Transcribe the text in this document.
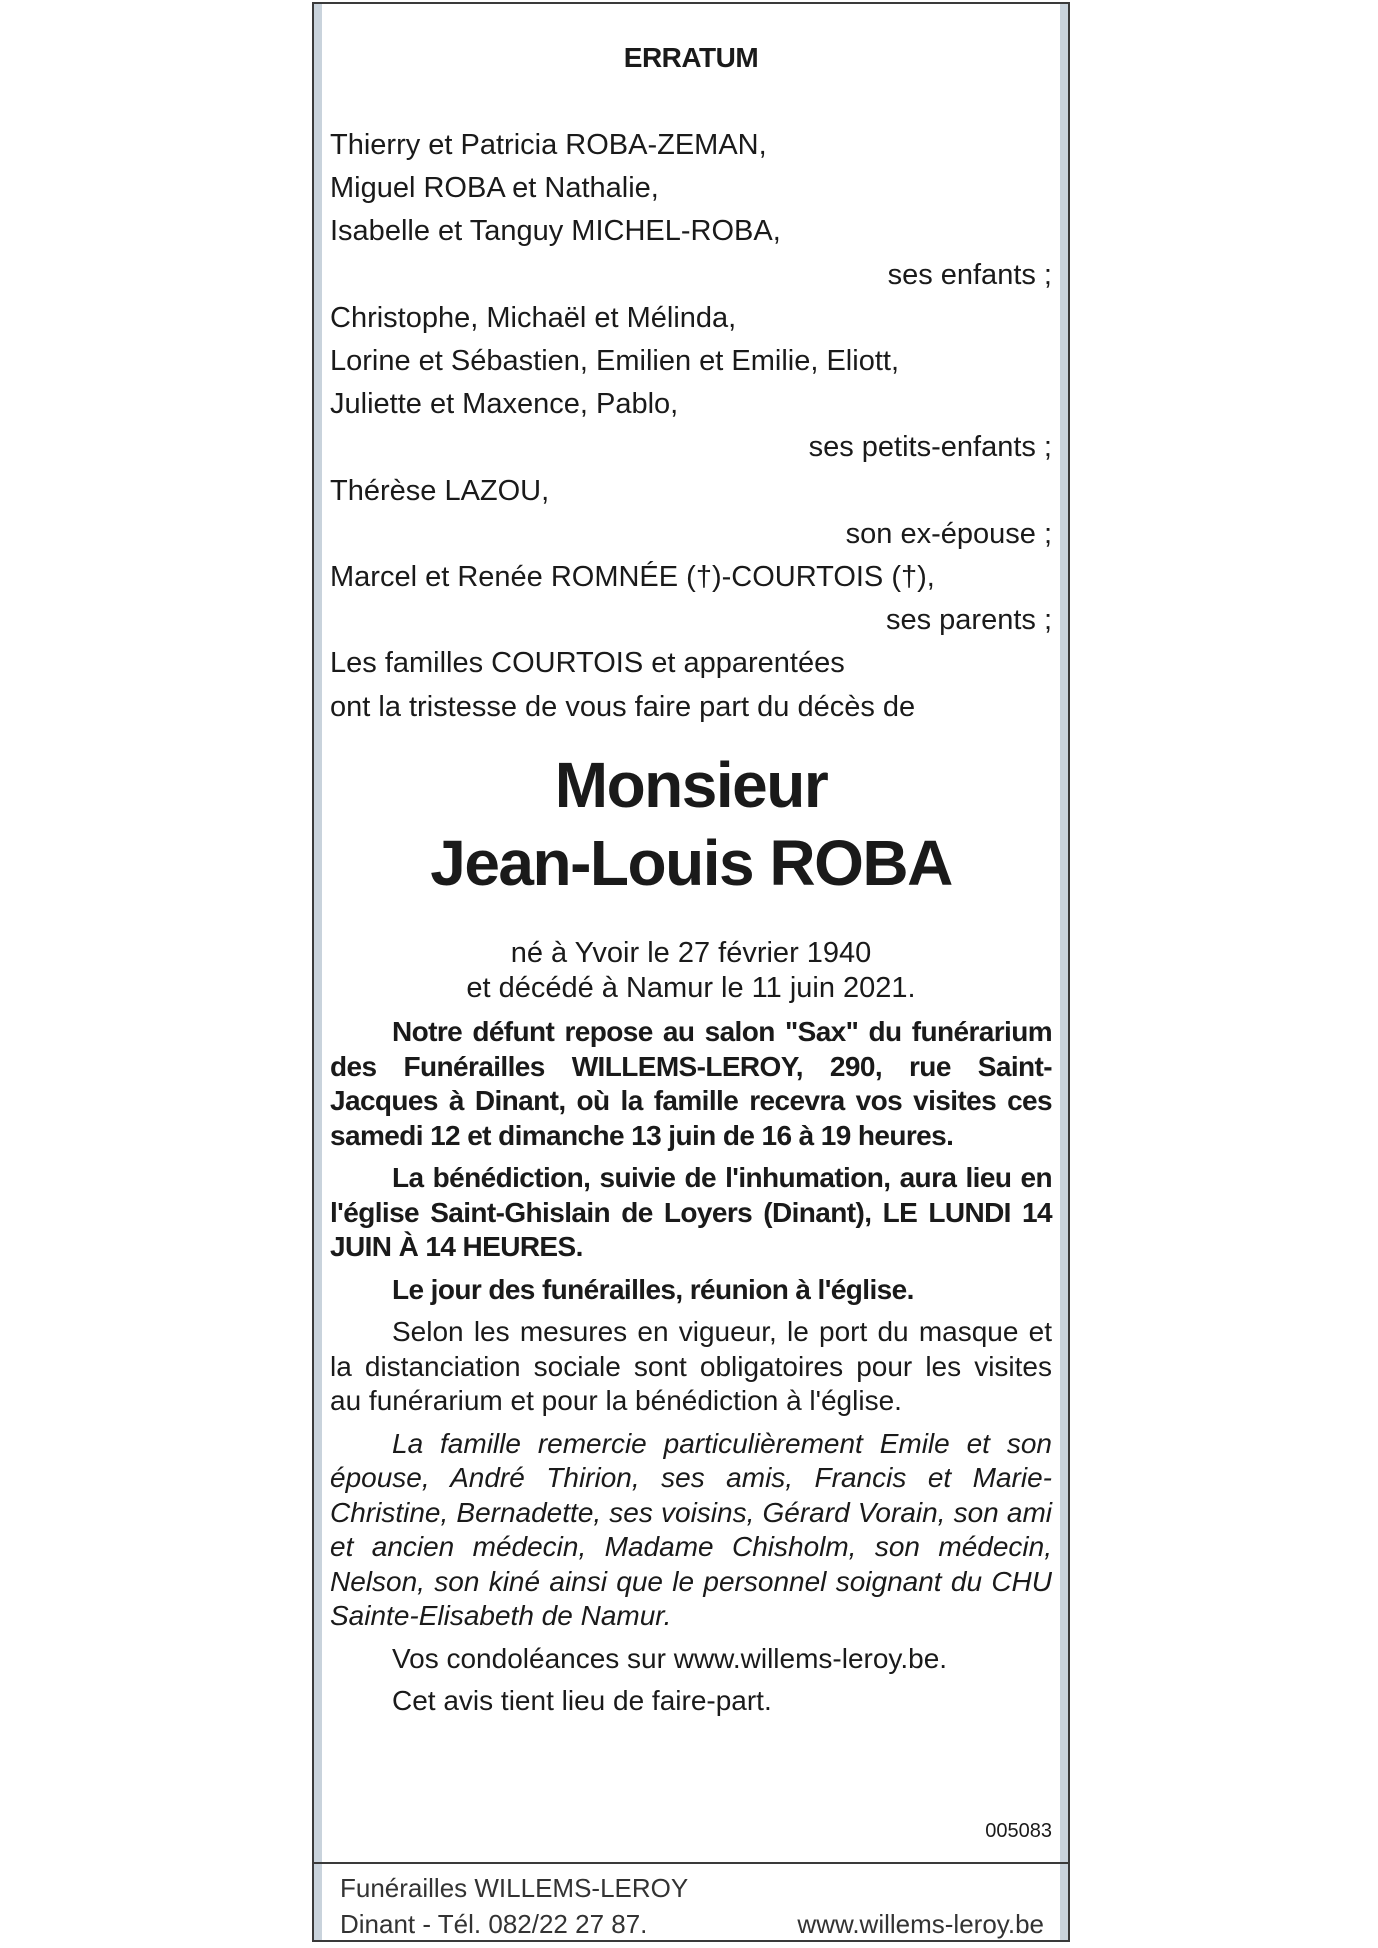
ERRATUM
Thierry et Patricia ROBA-ZEMAN,
Miguel ROBA et Nathalie,
Isabelle et Tanguy MICHEL-ROBA,
ses enfants ;
Christophe, Michaël et Mélinda,
Lorine et Sébastien, Emilien et Emilie, Eliott,
Juliette et Maxence, Pablo,
ses petits-enfants ;
Thérèse LAZOU,
son ex-épouse ;
Marcel et Renée ROMNÉE (†)-COURTOIS (†),
ses parents ;
Les familles COURTOIS et apparentées
ont la tristesse de vous faire part du décès de
Monsieur
Jean-Louis ROBA
né à Yvoir le 27 février 1940
et décédé à Namur le 11 juin 2021.

Notre défunt repose au salon "Sax" du funérarium des Funérailles WILLEMS-LEROY, 290, rue Saint-Jacques à Dinant, où la famille recevra vos visites ces samedi 12 et dimanche 13 juin de 16 à 19 heures.

La bénédiction, suivie de l'inhumation, aura lieu en l'église Saint-Ghislain de Loyers (Dinant), LE LUNDI 14 JUIN À 14 HEURES.

Le jour des funérailles, réunion à l'église.

Selon les mesures en vigueur, le port du masque et la distanciation sociale sont obligatoires pour les visites au funérarium et pour la bénédiction à l'église.

La famille remercie particulièrement Emile et son épouse, André Thirion, ses amis, Francis et Marie-Christine, Bernadette, ses voisins, Gérard Vorain, son ami et ancien médecin, Madame Chisholm, son médecin, Nelson, son kiné ainsi que le personnel soignant du CHU Sainte-Elisabeth de Namur.

Vos condoléances sur www.willems-leroy.be.

Cet avis tient lieu de faire-part.

005083
Funérailles WILLEMS-LEROY
Dinant - Tél. 082/22 27 87.	www.willems-leroy.be
